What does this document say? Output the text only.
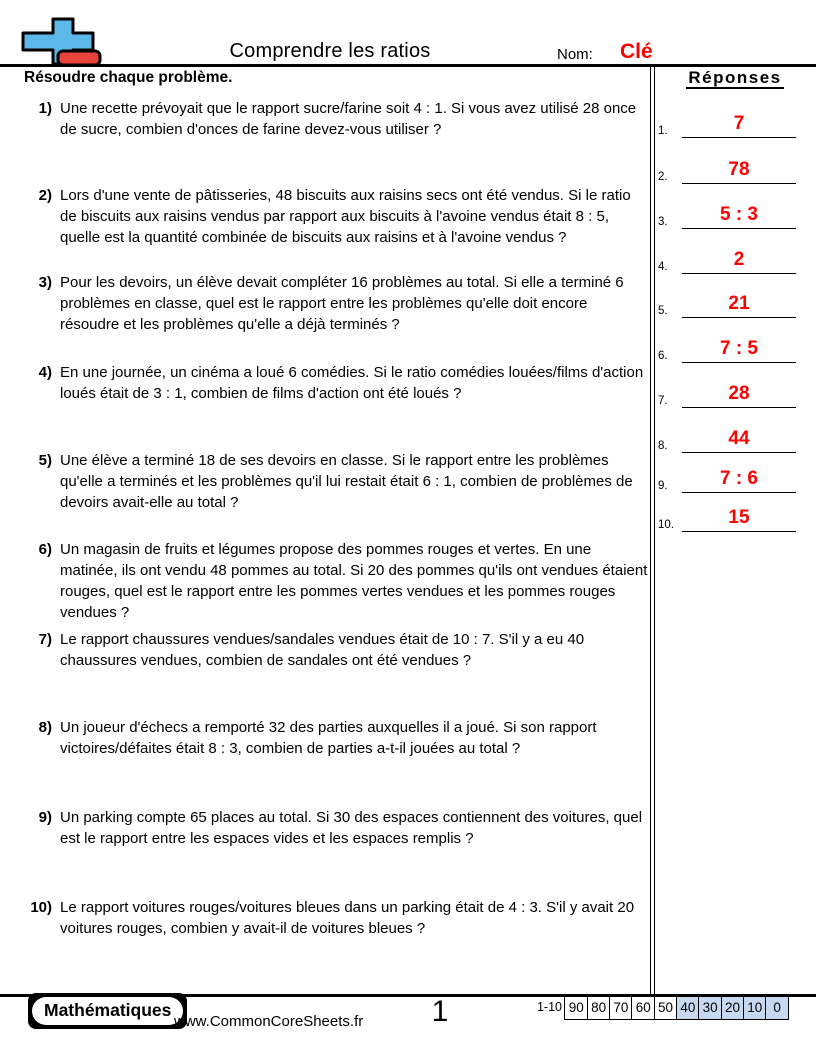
Comprendre les ratios	Nom: Clé
Résoudre chaque problème.	Réponses
1.	7
2.	78
3.	5 : 3
4.	2
5.	21
6.	7 : 5
7.	28
8.	44
9.	7 : 6
10.	15
1) Une recette prévoyait que le rapport sucre/farine soit 4 : 1. Si vous avez utilisé 28 once de sucre, combien d'onces de farine devez-vous utiliser ?
2) Lors d'une vente de pâtisseries, 48 biscuits aux raisins secs ont été vendus. Si le ratio de biscuits aux raisins vendus par rapport aux biscuits à l'avoine vendus était 8 : 5, quelle est la quantité combinée de biscuits aux raisins et à l'avoine vendus ?
3) Pour les devoirs, un élève devait compléter 16 problèmes au total. Si elle a terminé 6 problèmes en classe, quel est le rapport entre les problèmes qu'elle doit encore résoudre et les problèmes qu'elle a déjà terminés ?
4) En une journée, un cinéma a loué 6 comédies. Si le ratio comédies louées/films d'action loués était de 3 : 1, combien de films d'action ont été loués ?
5) Une élève a terminé 18 de ses devoirs en classe. Si le rapport entre les problèmes qu'elle a terminés et les problèmes qu'il lui restait était 6 : 1, combien de problèmes de devoirs avait-elle au total ?
6) Un magasin de fruits et légumes propose des pommes rouges et vertes. En une matinée, ils ont vendu 48 pommes au total. Si 20 des pommes qu'ils ont vendues étaient rouges, quel est le rapport entre les pommes vertes vendues et les pommes rouges vendues ?
7) Le rapport chaussures vendues/sandales vendues était de 10 : 7. S'il y a eu 40 chaussures vendues, combien de sandales ont été vendues ?
8) Un joueur d'échecs a remporté 32 des parties auxquelles il a joué. Si son rapport victoires/défaites était 8 : 3, combien de parties a-t-il jouées au total ?
9) Un parking compte 65 places au total. Si 30 des espaces contiennent des voitures, quel est le rapport entre les espaces vides et les espaces remplis ?
10) Le rapport voitures rouges/voitures bleues dans un parking était de 4 : 3. S'il y avait 20 voitures rouges, combien y avait-il de voitures bleues ?
Mathématiques
www.CommonCoreSheets.fr	1	1-10 90 80 70 60 50 40 30 20 10 0
